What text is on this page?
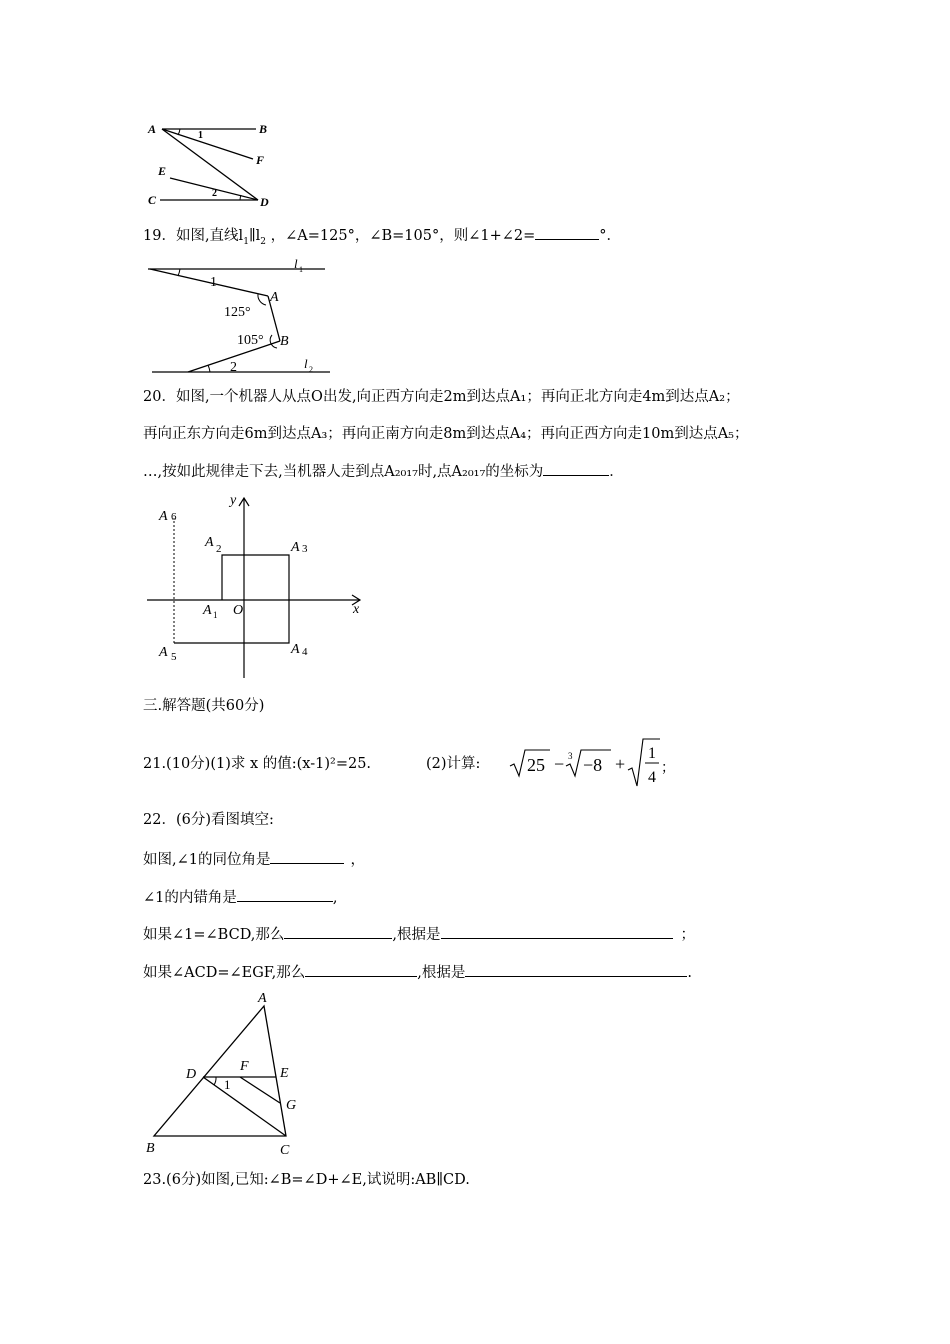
A	B
F
E
C	D
1
2
19．如图,直线$l_1\parallel l_2$ ，∠A=125°，∠B=105°，则∠1+∠2=	°．
l 1
l 2
1
2
125°
105°
A
B
20．如图,一个机器人从点O出发,向正西方向走2m到达点A₁；再向正北方向走4m到达点A₂；
再向正东方向走6m到达点A₃；再向正南方向走8m到达点A₄；再向正西方向走10m到达点A₅；
…,按如此规律走下去,当机器人走到点A₂₀₁₇时,点A₂₀₁₇的坐标为	．
y
x
O
A 1
A 2	A 3
A 4
A 5
A 6
三.解答题(共60分)
21.(10分)(1)求 x 的值:(x-1)²=25.	(2)计算:	25 − 3 −8 +
1
4
；
22．(6分)看图填空:
如图,∠1的同位角是	，
∠1的内错角是	,
如果∠1=∠BCD,那么	,根据是	；
如果∠ACD=∠EGF,那么	,根据是	.
A
B	C
D	E
F
G
1
23.(6分)如图,已知:∠B=∠D+∠E,试说明:AB∥CD.
